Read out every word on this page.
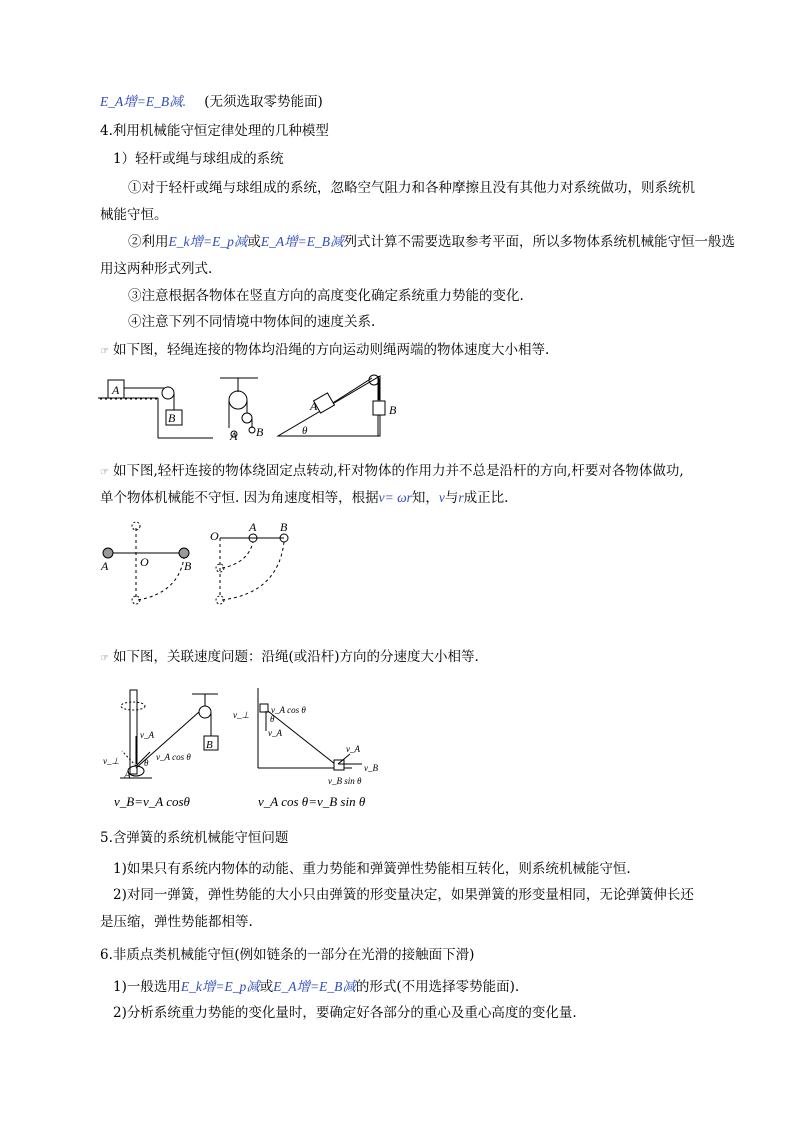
E_A增=E_B减. (无须选取零势能面)
4.利用机械能守恒定律处理的几种模型
1）轻杆或绳与球组成的系统
①对于轻杆或绳与球组成的系统，忽略空气阻力和各种摩擦且没有其他力对系统做功，则系统机
械能守恒。
②利用E_k增=E_p减或E_A增=E_B减列式计算不需要选取参考平面，所以多物体系统机械能守恒一般选
用这两种形式列式.
③注意根据各物体在竖直方向的高度变化确定系统重力势能的变化.
④注意下列不同情境中物体间的速度关系.
☞ 如下图，轻绳连接的物体均沿绳的方向运动则绳两端的物体速度大小相等.
A
B
A B
A	B
θ
☞ 如下图,轻杆连接的物体绕固定点转动,杆对物体的作用力并不总是沿杆的方向,杆要对各物体做功,
单个物体机械能不守恒. 因为角速度相等，根据v= ωr知，v与r成正比.
A	O	B
O
A B
☞ 如下图，关联速度问题：沿绳(或沿杆)方向的分速度大小相等.
v_A
v_A cos θ
v_⊥	θ
B
A
v_⊥ v_A cos θ
v_A
v_A
v_B
v_B sin θ
θ
v_B=v_A cosθ	v_A cos θ=v_B sin θ
5.含弹簧的系统机械能守恒问题
1)如果只有系统内物体的动能、重力势能和弹簧弹性势能相互转化，则系统机械能守恒.
2)对同一弹簧，弹性势能的大小只由弹簧的形变量决定，如果弹簧的形变量相同，无论弹簧伸长还
是压缩，弹性势能都相等.
6.非质点类机械能守恒(例如链条的一部分在光滑的接触面下滑)
1)一般选用E_k增=E_p减或E_A增=E_B减的形式(不用选择零势能面).
2)分析系统重力势能的变化量时，要确定好各部分的重心及重心高度的变化量.
